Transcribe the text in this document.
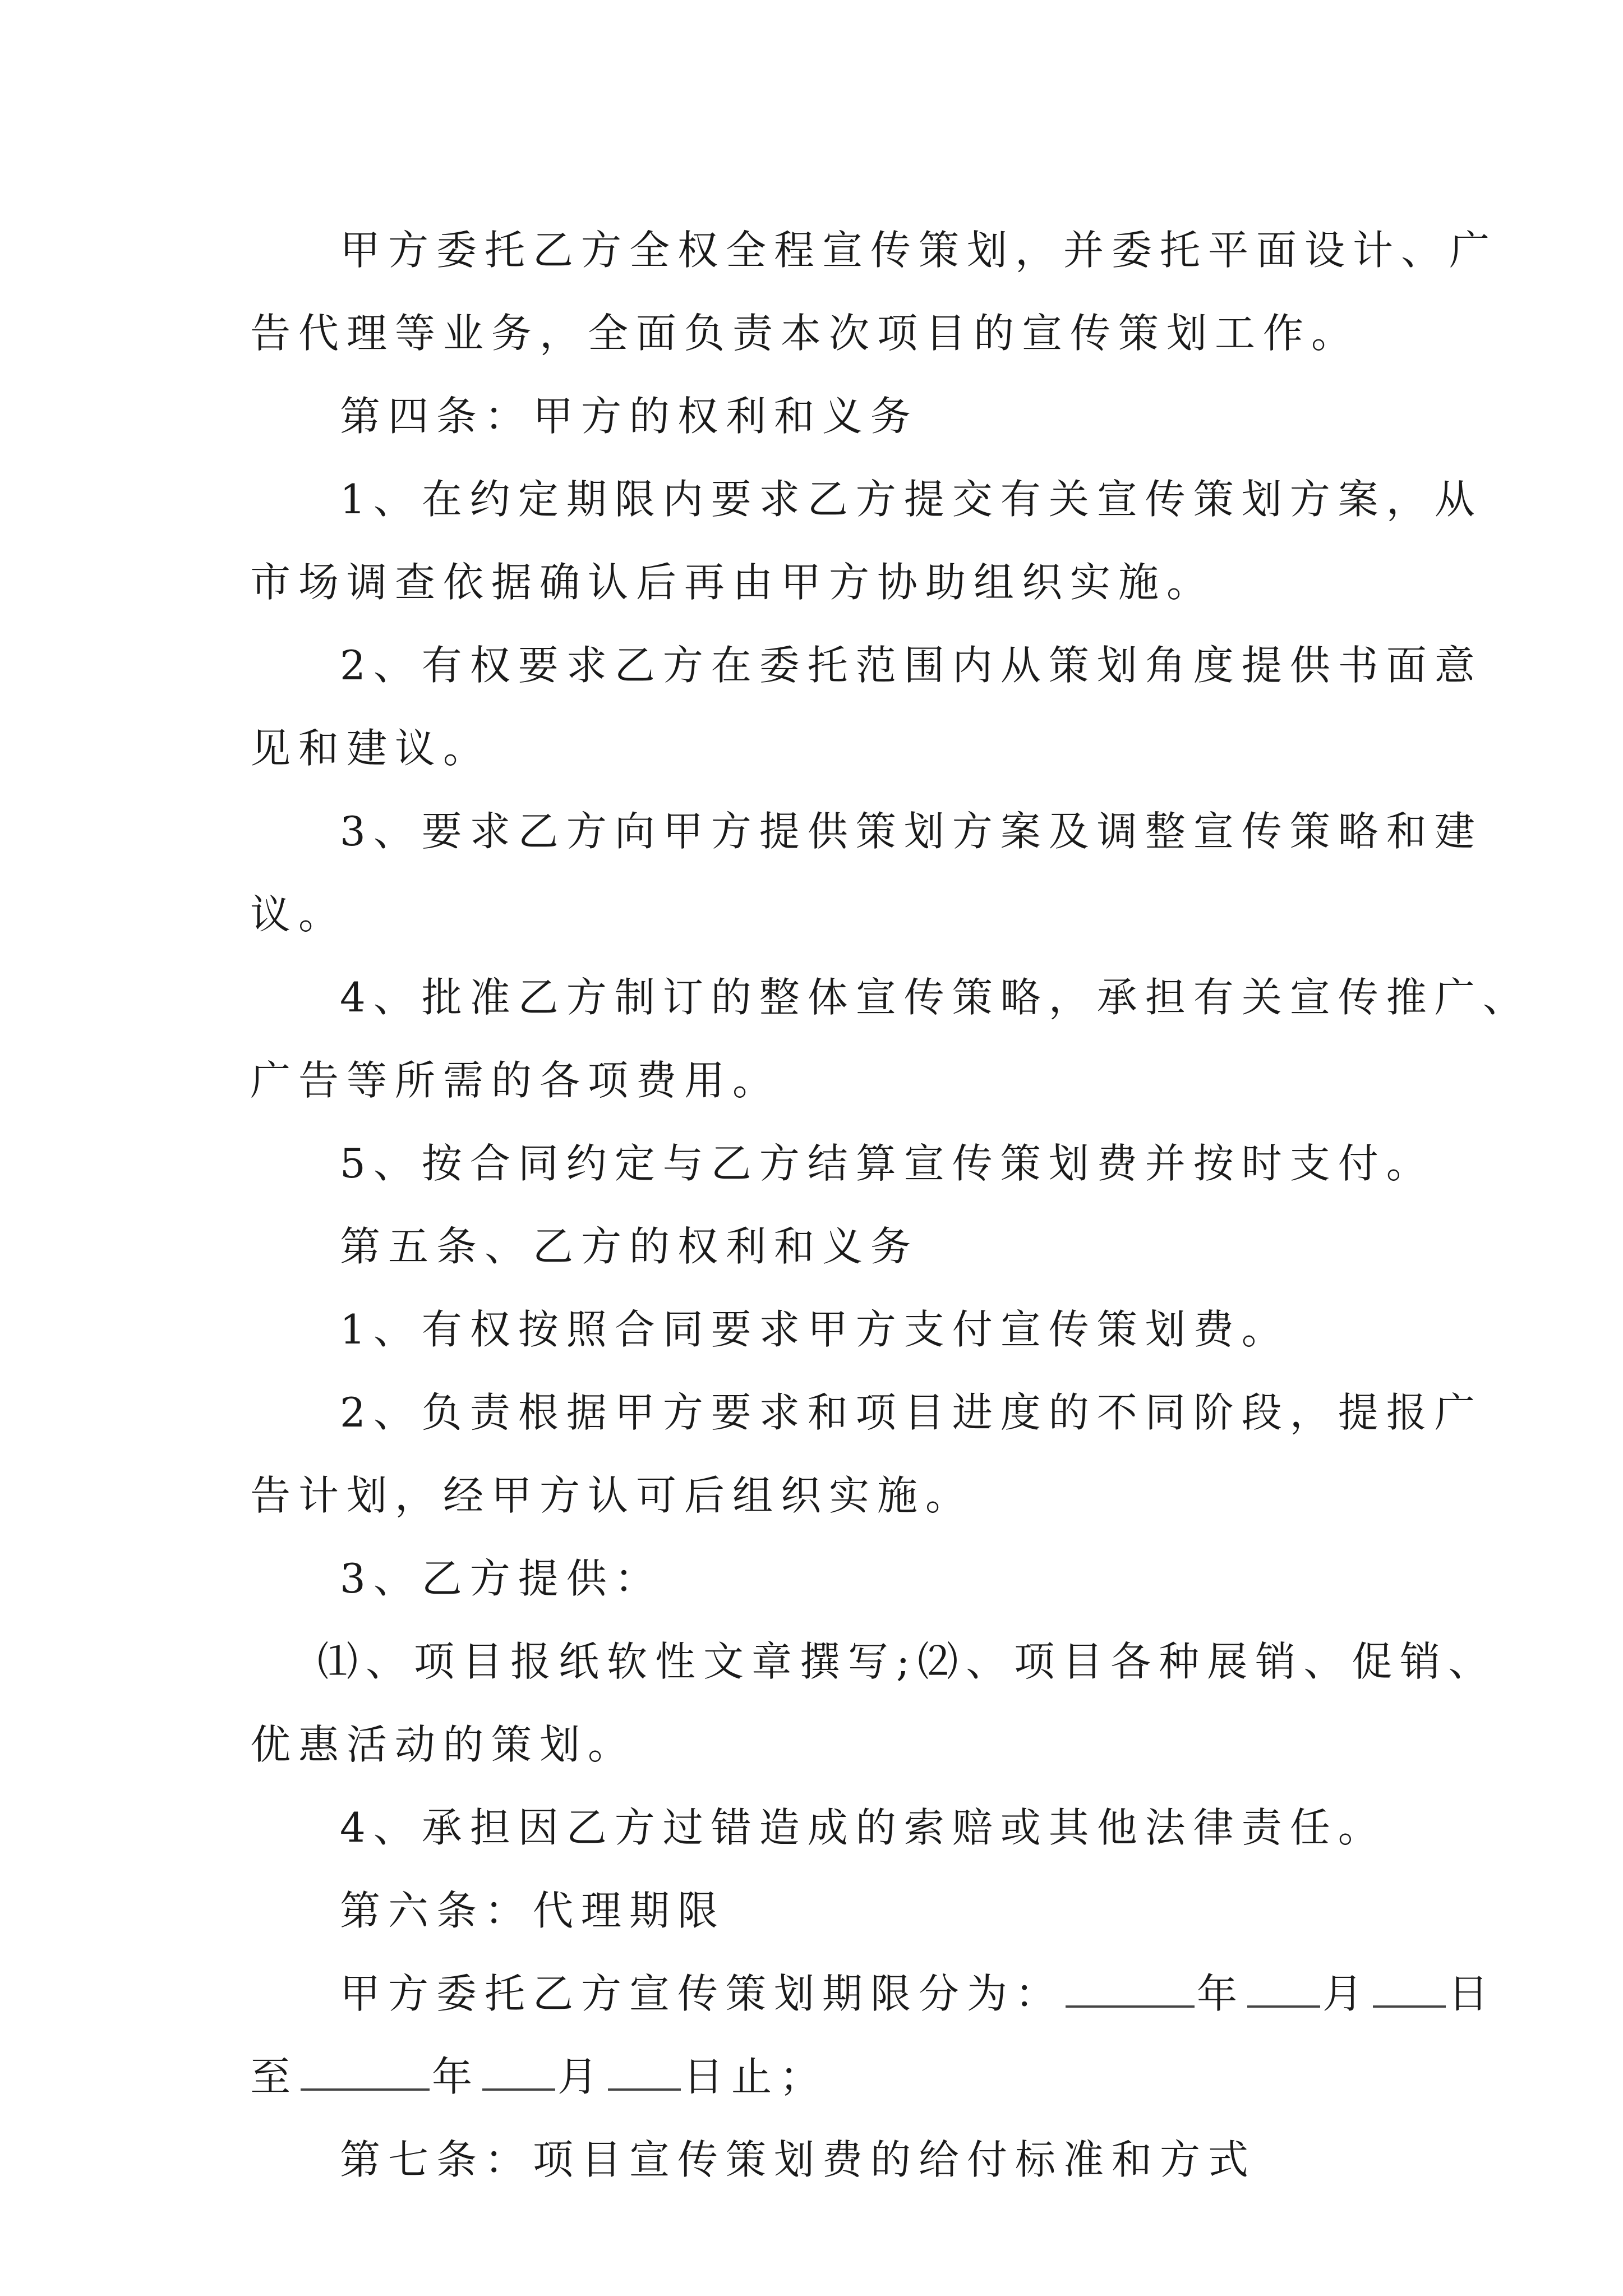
甲方委托乙方全权全程宣传策划，并委托平面设计、广

告代理等业务，全面负责本次项目的宣传策划工作。

第四条：甲方的权利和义务

1、在约定期限内要求乙方提交有关宣传策划方案，从

市场调查依据确认后再由甲方协助组织实施。

2、有权要求乙方在委托范围内从策划角度提供书面意

见和建议。

3、要求乙方向甲方提供策划方案及调整宣传策略和建

议。

4、批准乙方制订的整体宣传策略，承担有关宣传推广、

广告等所需的各项费用。

5、按合同约定与乙方结算宣传策划费并按时支付。

第五条、乙方的权利和义务

1、有权按照合同要求甲方支付宣传策划费。

2、负责根据甲方要求和项目进度的不同阶段，提报广

告计划，经甲方认可后组织实施。

3、乙方提供：

⑴、项目报纸软性文章撰写;⑵、项目各种展销、促销、

优惠活动的策划。

4、承担因乙方过错造成的索赔或其他法律责任。

第六条：代理期限

甲方委托乙方宣传策划期限分为：	年 月 日

至	年 月 日止；

第七条：项目宣传策划费的给付标准和方式
